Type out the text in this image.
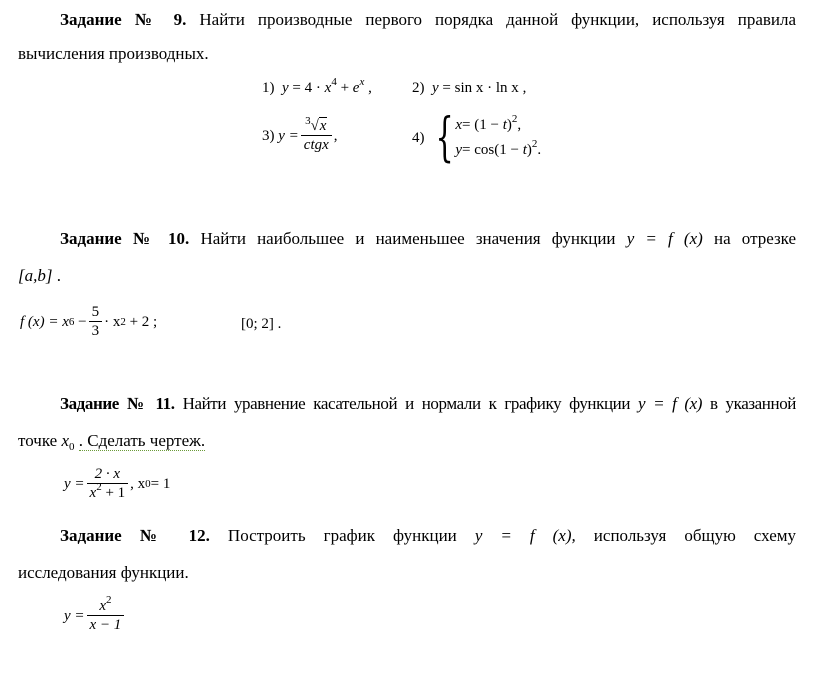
Задание № 9. Найти производные первого порядка данной функции, используя правила
вычисления производных.
1) $y = 4 \cdot x^4 + e^x$ ,	2) y = sin x · ln x ,
3)
$y = \frac{^3√x}{\text{ctgx}}$ ,	4)
{ $x= (1 - t)^2$,
$y= \cos(1 - t)^2$.
Задание № 10. Найти наибольшее и наименьшее значения функции y = f (x) на отрезке
[a,b] .
f (x) = x 6
− $\frac{5}{3} \cdot x$ 2
+ 2 ;	[0; 2] .
Задание № 11. Найти уравнение касательной и нормали к графику функции y = f (x) в указанной
точке $x_0$ . Сделать чертеж.
$y = \frac{2 \cdot x}{x^2 + 1}$ , x 0 = 1
Задание № 12. Построить график функции y = f (x), используя общую схему
исследования функции.
$y = \frac{x^2}{x - 1}$
